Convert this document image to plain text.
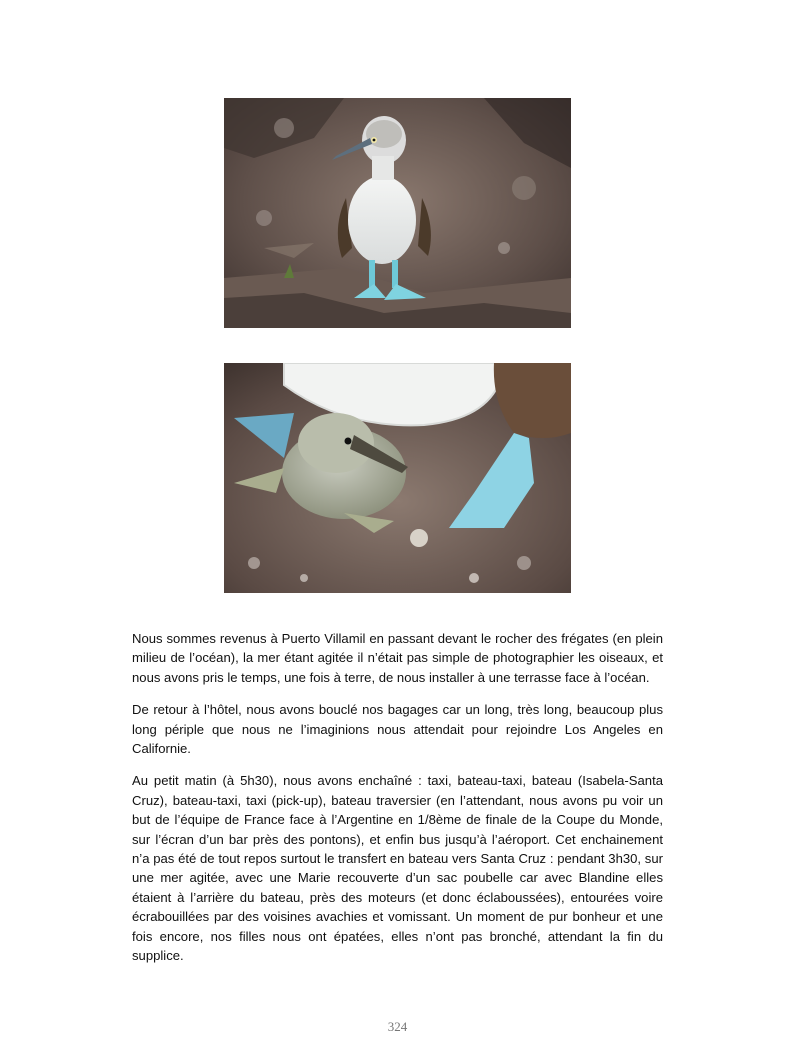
Nous sommes revenus à Puerto Villamil en passant devant le rocher des frégates (en plein milieu de l’océan), la mer étant agitée il n’était pas simple de photographier les oiseaux, et nous avons pris le temps, une fois à terre, de nous installer à une terrasse face à l’océan.

De retour à l’hôtel, nous avons bouclé nos bagages car un long, très long, beaucoup plus long périple que nous ne l’imaginions nous attendait pour rejoindre Los Angeles en Californie.

Au petit matin (à 5h30), nous avons enchaîné : taxi, bateau-taxi, bateau (Isabela-Santa Cruz), bateau-taxi, taxi (pick-up), bateau traversier (en l’attendant, nous avons pu voir un but de l’équipe de France face à l’Argentine en 1/8ème de finale de la Coupe du Monde, sur l’écran d’un bar près des pontons), et enfin bus jusqu’à l’aéroport. Cet enchainement n’a pas été de tout repos surtout le transfert en bateau vers Santa Cruz : pendant 3h30, sur une mer agitée, avec une Marie recouverte d’un sac poubelle car avec Blandine elles étaient à l’arrière du bateau, près des moteurs (et donc éclaboussées), entourées voire écrabouillées par des voisines avachies et vomissant. Un moment de pur bonheur et une fois encore, nos filles nous ont épatées, elles n’ont pas bronché, attendant la fin du supplice.

324
